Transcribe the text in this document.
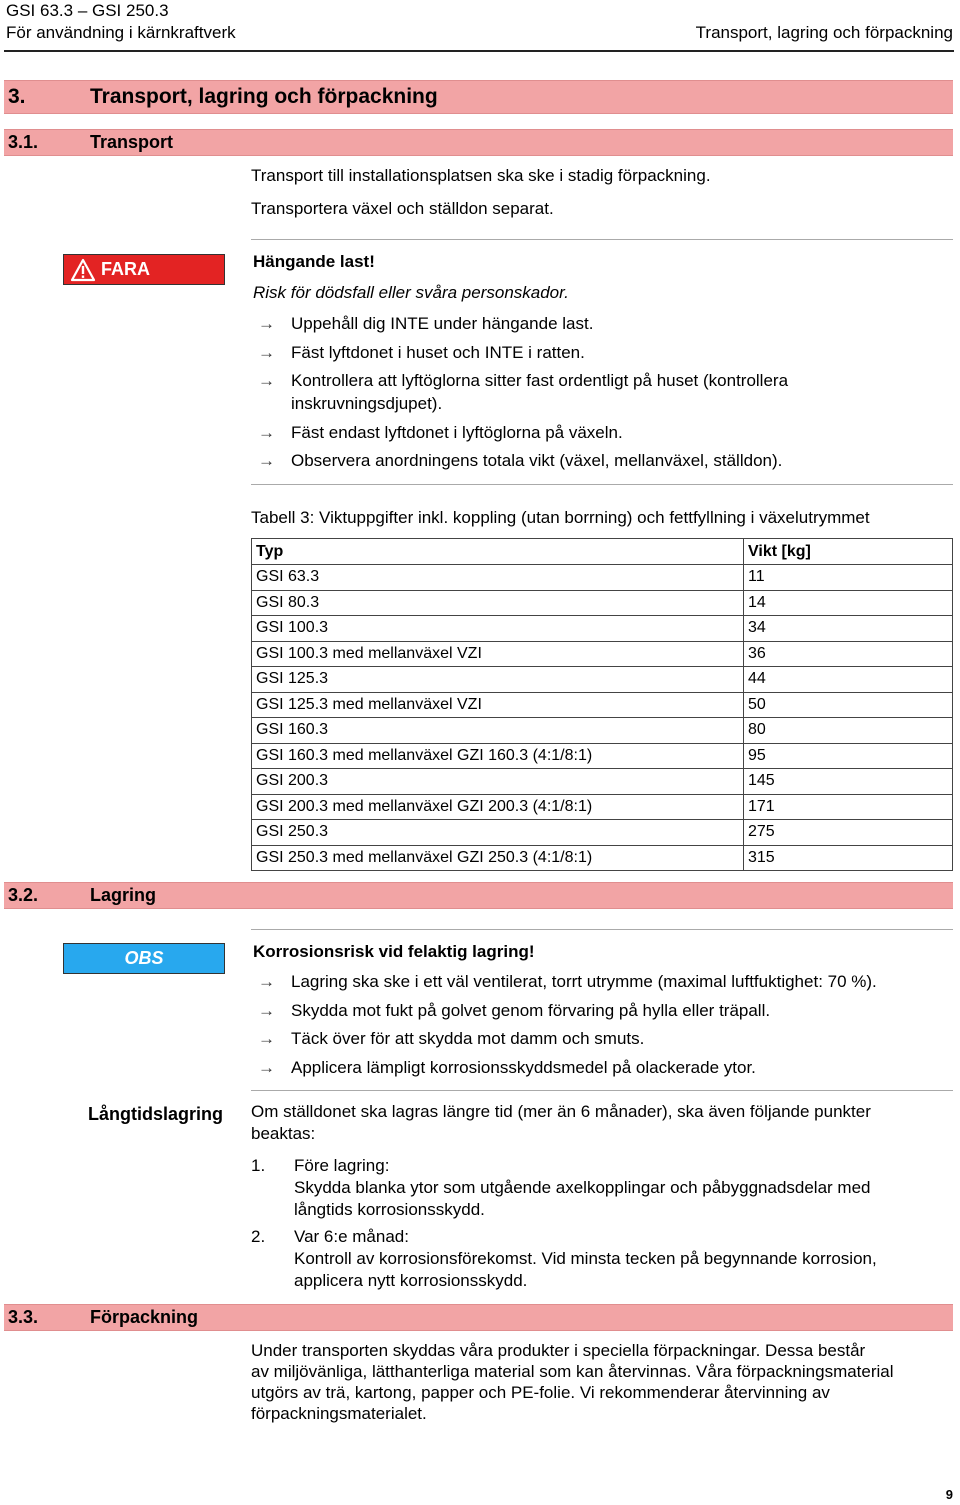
GSI 63.3 – GSI 250.3
För användning i kärnkraftverk	Transport, lagring och förpackning
3.	Transport, lagring och förpackning
3.1.	Transport
Transport till installationsplatsen ska ske i stadig förpackning.
Transportera växel och ställdon separat.
FARA	Hängande last!
Risk för dödsfall eller svåra personskador.
→ Uppehåll dig INTE under hängande last.
→ Fäst lyftdonet i huset och INTE i ratten.
→ Kontrollera att lyftöglorna sitter fast ordentligt på huset (kontrollera
inskruvningsdjupet).
→ Fäst endast lyftdonet i lyftöglorna på växeln.
→ Observera anordningens totala vikt (växel, mellanväxel, ställdon).
Tabell 3: Viktuppgifter inkl. koppling (utan borrning) och fettfyllning i växelutrymmet
Typ	Vikt [kg]
GSI 63.3	11
GSI 80.3	14
GSI 100.3	34
GSI 100.3 med mellanväxel VZI	36
GSI 125.3	44
GSI 125.3 med mellanväxel VZI	50
GSI 160.3	80
GSI 160.3 med mellanväxel GZI 160.3 (4:1/8:1)	95
GSI 200.3	145
GSI 200.3 med mellanväxel GZI 200.3 (4:1/8:1)	171
GSI 250.3	275
GSI 250.3 med mellanväxel GZI 250.3 (4:1/8:1)	315
3.2.	Lagring
OBS	Korrosionsrisk vid felaktig lagring!
→ Lagring ska ske i ett väl ventilerat, torrt utrymme (maximal luftfuktighet: 70 %).
→ Skydda mot fukt på golvet genom förvaring på hylla eller träpall.
→ Täck över för att skydda mot damm och smuts.
→ Applicera lämpligt korrosionsskyddsmedel på olackerade ytor.
Långtidslagring Om ställdonet ska lagras längre tid (mer än 6 månader), ska även följande punkter
beaktas:
1. Före lagring:
Skydda blanka ytor som utgående axelkopplingar och påbyggnadsdelar med
långtids korrosionsskydd.
2. Var 6:e månad:
Kontroll av korrosionsförekomst. Vid minsta tecken på begynnande korrosion,
applicera nytt korrosionsskydd.
3.3.	Förpackning
Under transporten skyddas våra produkter i speciella förpackningar. Dessa består
av miljövänliga, lätthanterliga material som kan återvinnas. Våra förpackningsmaterial
utgörs av trä, kartong, papper och PE-folie. Vi rekommenderar återvinning av
förpackningsmaterialet.
9
